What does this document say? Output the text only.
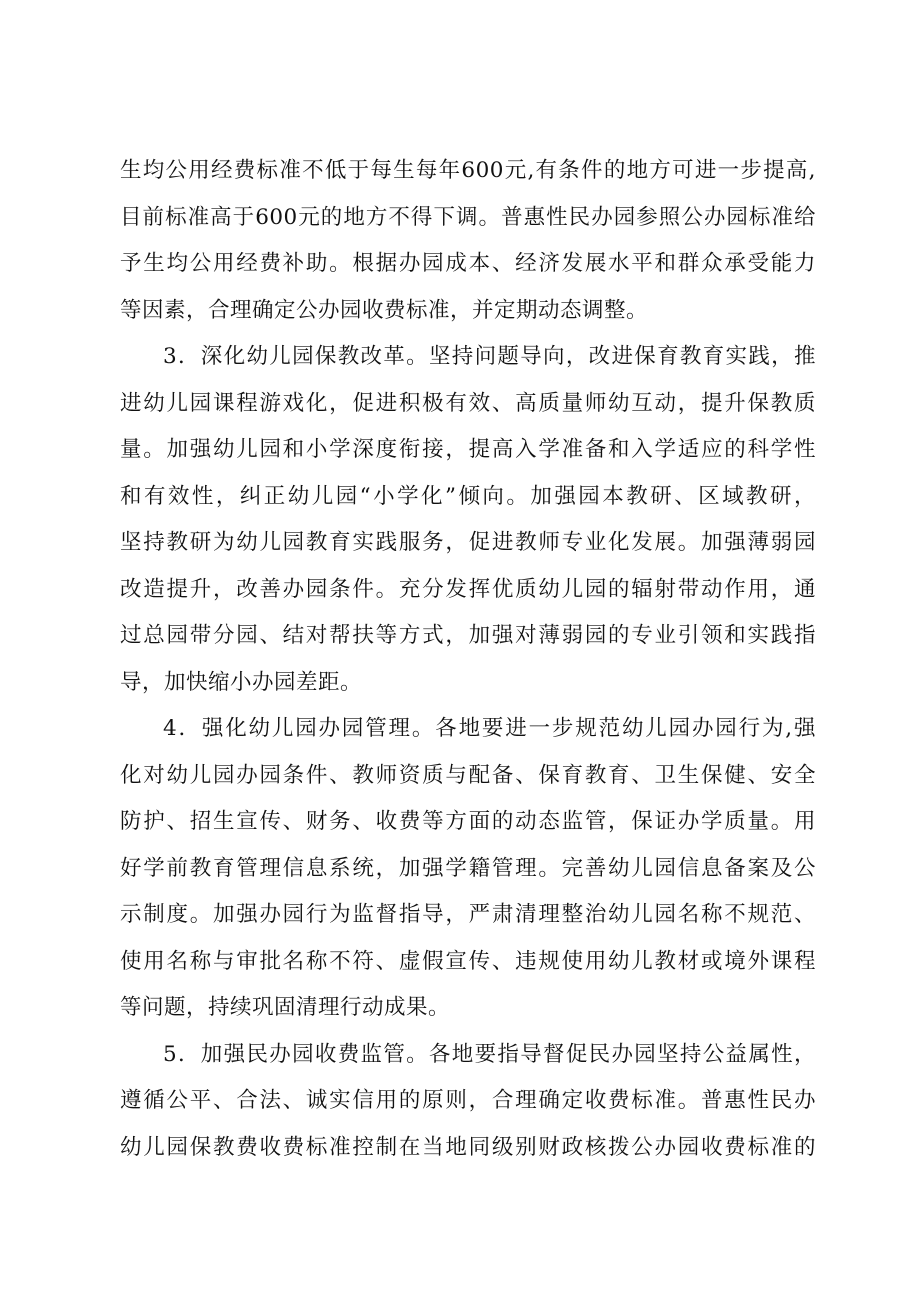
生均公用经费标准不低于每生每年600元,有条件的地方可进一步提高,
目前标准高于600元的地方不得下调。普惠性民办园参照公办园标准给
予生均公用经费补助。根据办园成本、经济发展水平和群众承受能力
等因素，合理确定公办园收费标准，并定期动态调整。
3．深化幼儿园保教改革。坚持问题导向，改进保育教育实践，推
进幼儿园课程游戏化，促进积极有效、高质量师幼互动，提升保教质
量。加强幼儿园和小学深度衔接，提高入学准备和入学适应的科学性
和有效性，纠正幼儿园“小学化”倾向。加强园本教研、区域教研，
坚持教研为幼儿园教育实践服务，促进教师专业化发展。加强薄弱园
改造提升，改善办园条件。充分发挥优质幼儿园的辐射带动作用，通
过总园带分园、结对帮扶等方式，加强对薄弱园的专业引领和实践指
导，加快缩小办园差距。
4．强化幼儿园办园管理。各地要进一步规范幼儿园办园行为,强
化对幼儿园办园条件、教师资质与配备、保育教育、卫生保健、安全
防护、招生宣传、财务、收费等方面的动态监管，保证办学质量。用
好学前教育管理信息系统，加强学籍管理。完善幼儿园信息备案及公
示制度。加强办园行为监督指导，严肃清理整治幼儿园名称不规范、
使用名称与审批名称不符、虚假宣传、违规使用幼儿教材或境外课程
等问题，持续巩固清理行动成果。
5．加强民办园收费监管。各地要指导督促民办园坚持公益属性，
遵循公平、合法、诚实信用的原则，合理确定收费标准。普惠性民办
幼儿园保教费收费标准控制在当地同级别财政核拨公办园收费标准的
